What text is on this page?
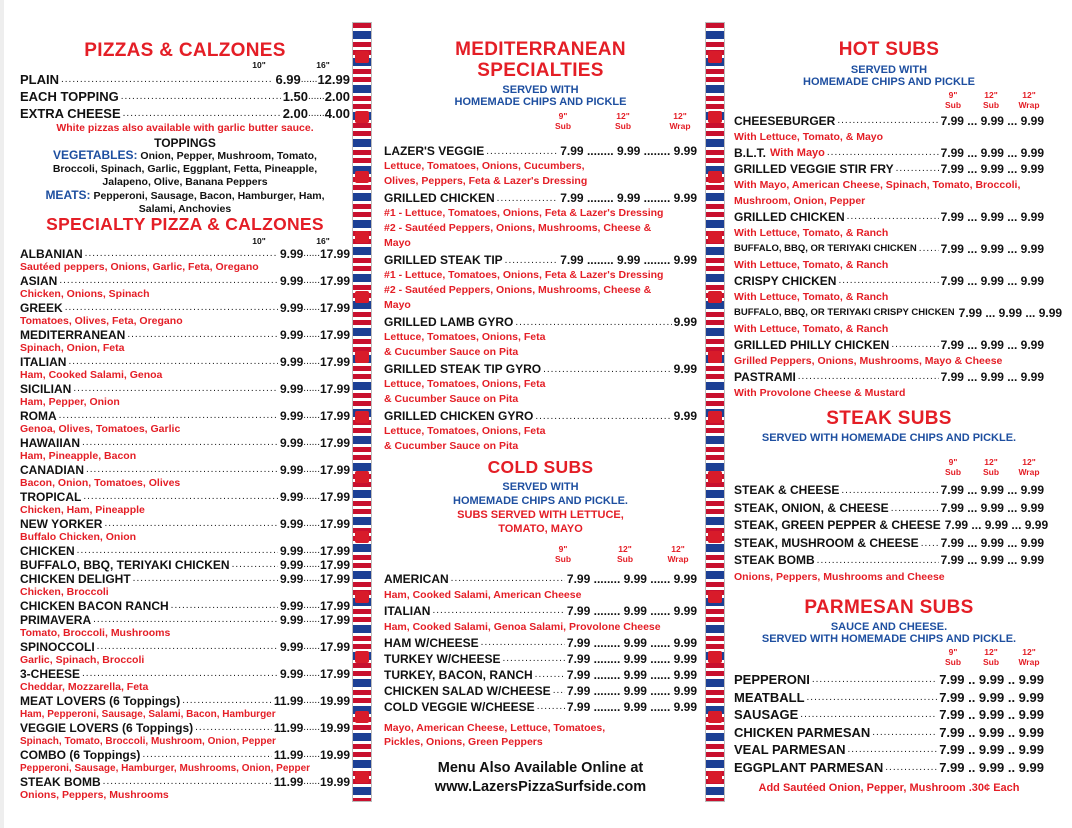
PIZZAS & CALZONES
10"	16"
PLAIN .....	6.99 ...... 12.99
EACH TOPPING .....	1.50 ...... 2.00
EXTRA CHEESE .....	2.00 ...... 4.00
White pizzas also available with garlic butter sauce.
TOPPINGS
VEGETABLES: Onion, Pepper, Mushroom, Tomato, Broccoli, Spinach, Garlic, Eggplant, Fetta, Pineapple, Jalapeno, Olive, Banana Peppers
MEATS: Pepperoni, Sausage, Bacon, Hamburger, Ham, Salami, Anchovies
SPECIALTY PIZZA & CALZONES
10"	16"
ALBANIAN .....	9.99 ...... 17.99
Sautéed peppers, Onions, Garlic, Feta, Oregano
ASIAN .....	9.99 ...... 17.99
Chicken, Onions, Spinach
GREEK .....	9.99 ...... 17.99
Tomatoes, Olives, Feta, Oregano
MEDITERRANEAN .....	9.99 ...... 17.99
Spinach, Onion, Feta
ITALIAN .....	9.99 ...... 17.99
Ham, Cooked Salami, Genoa
SICILIAN .....	9.99 ...... 17.99
Ham, Pepper, Onion
ROMA .....	9.99 ...... 17.99
Genoa, Olives, Tomatoes, Garlic
HAWAIIAN .....	9.99 ...... 17.99
Ham, Pineapple, Bacon
CANADIAN .....	9.99 ...... 17.99
Bacon, Onion, Tomatoes, Olives
TROPICAL .....	9.99 ...... 17.99
Chicken, Ham, Pineapple
NEW YORKER .....	9.99 ...... 17.99
Buffalo Chicken, Onion
CHICKEN .....	9.99 ...... 17.99
BUFFALO, BBQ, TERIYAKI CHICKEN .....	9.99 ...... 17.99
CHICKEN DELIGHT .....	9.99 ...... 17.99
Chicken, Broccoli
CHICKEN BACON RANCH .....	9.99 ...... 17.99
PRIMAVERA .....	9.99 ...... 17.99
Tomato, Broccoli, Mushrooms
SPINOCCOLI .....	9.99 ...... 17.99
Garlic, Spinach, Broccoli
3-CHEESE .....	9.99 ...... 17.99
Cheddar, Mozzarella, Feta
MEAT LOVERS (6 Toppings) .....	11.99 ...... 19.99
Ham, Pepperoni, Sausage, Salami, Bacon, Hamburger
VEGGIE LOVERS (6 Toppings) .....	11.99 ...... 19.99
Spinach, Tomato, Broccoli, Mushroom, Onion, Pepper
COMBO (6 Toppings) .....	11.99 ...... 19.99
Pepperoni, Sausage, Hamburger, Mushrooms, Onion, Pepper
STEAK BOMB .....	11.99 ...... 19.99
Onions, Peppers, Mushrooms
MEDITERRANEAN
SPECIALTIES
SERVED WITH
HOMEMADE CHIPS AND PICKLE
9"
Sub
12"
Sub
12"
Wrap
LAZER'S VEGGIE .....	7.99 ........ 9.99 ........ 9.99
Lettuce, Tomatoes, Onions, Cucumbers,
Olives, Peppers, Feta & Lazer's Dressing
GRILLED CHICKEN .....	7.99 ........ 9.99 ........ 9.99
#1 - Lettuce, Tomatoes, Onions, Feta & Lazer's Dressing
#2 - Sautéed Peppers, Onions, Mushrooms, Cheese &
Mayo
GRILLED STEAK TIP .....	7.99 ........ 9.99 ........ 9.99
#1 - Lettuce, Tomatoes, Onions, Feta & Lazer's Dressing
#2 - Sautéed Peppers, Onions, Mushrooms, Cheese &
Mayo
GRILLED LAMB GYRO .....	9.99
Lettuce, Tomatoes, Onions, Feta
& Cucumber Sauce on Pita
GRILLED STEAK TIP GYRO .....	9.99
Lettuce, Tomatoes, Onions, Feta
& Cucumber Sauce on Pita
GRILLED CHICKEN GYRO .....	9.99
Lettuce, Tomatoes, Onions, Feta
& Cucumber Sauce on Pita
COLD SUBS
SERVED WITH
HOMEMADE CHIPS AND PICKLE.
SUBS SERVED WITH LETTUCE,
TOMATO, MAYO
9"
Sub
12"
Sub
12"
Wrap
AMERICAN .....	7.99 ........ 9.99 ...... 9.99
Ham, Cooked Salami, American Cheese
ITALIAN .....	7.99 ........ 9.99 ...... 9.99
Ham, Cooked Salami, Genoa Salami, Provolone Cheese
HAM W/CHEESE .....	7.99 ........ 9.99 ...... 9.99
TURKEY W/CHEESE .....	7.99 ........ 9.99 ...... 9.99
TURKEY, BACON, RANCH .....	7.99 ........ 9.99 ...... 9.99
CHICKEN SALAD W/CHEESE ..... 7.99 ........ 9.99 ...... 9.99
COLD VEGGIE W/CHEESE .....	7.99 ........ 9.99 ...... 9.99
Mayo, American Cheese, Lettuce, Tomatoes,
Pickles, Onions, Green Peppers
Menu Also Available Online at
www.LazersPizzaSurfside.com
HOT SUBS
SERVED WITH
HOMEMADE CHIPS AND PICKLE
9"
Sub
12"
Sub
12"
Wrap
CHEESEBURGER .....	7.99 ... 9.99 ... 9.99
With Lettuce, Tomato, & Mayo
B.L.T. With Mayo .....	7.99 ... 9.99 ... 9.99
GRILLED VEGGIE STIR FRY .....	7.99 ... 9.99 ... 9.99
With Mayo, American Cheese, Spinach, Tomato, Broccoli, Mushroom, Onion, Pepper
GRILLED CHICKEN .....	7.99 ... 9.99 ... 9.99
With Lettuce, Tomato, & Ranch
BUFFALO, BBQ, OR TERIYAKI CHICKEN ..... 7.99 ... 9.99 ... 9.99
With Lettuce, Tomato, & Ranch
CRISPY CHICKEN .....	7.99 ... 9.99 ... 9.99
With Lettuce, Tomato, & Ranch
BUFFALO, BBQ, OR TERIYAKI CRISPY CHICKEN 7.99 ... 9.99 ... 9.99
With Lettuce, Tomato, & Ranch
GRILLED PHILLY CHICKEN .....	7.99 ... 9.99 ... 9.99
Grilled Peppers, Onions, Mushrooms, Mayo & Cheese
PASTRAMI .....	7.99 ... 9.99 ... 9.99
With Provolone Cheese & Mustard
STEAK SUBS
SERVED WITH HOMEMADE CHIPS AND PICKLE.
9"
Sub
12"
Sub
12"
Wrap
STEAK & CHEESE .....	7.99 ... 9.99 ... 9.99
STEAK, ONION, & CHEESE .....	7.99 ... 9.99 ... 9.99
STEAK, GREEN PEPPER & CHEESE 7.99 ... 9.99 ... 9.99
STEAK, MUSHROOM & CHEESE ..... 7.99 ... 9.99 ... 9.99
STEAK BOMB .....	7.99 ... 9.99 ... 9.99
Onions, Peppers, Mushrooms and Cheese
PARMESAN SUBS
SAUCE AND CHEESE.
SERVED WITH HOMEMADE CHIPS AND PICKLE.
9"
Sub
12"
Sub
12"
Wrap
PEPPERONI .....	7.99 .. 9.99 .. 9.99
MEATBALL .....	7.99 .. 9.99 .. 9.99
SAUSAGE .....	7.99 .. 9.99 .. 9.99
CHICKEN PARMESAN .....	7.99 .. 9.99 .. 9.99
VEAL PARMESAN .....	7.99 .. 9.99 .. 9.99
EGGPLANT PARMESAN .....	7.99 .. 9.99 .. 9.99
Add Sautéed Onion, Pepper, Mushroom .30¢ Each
